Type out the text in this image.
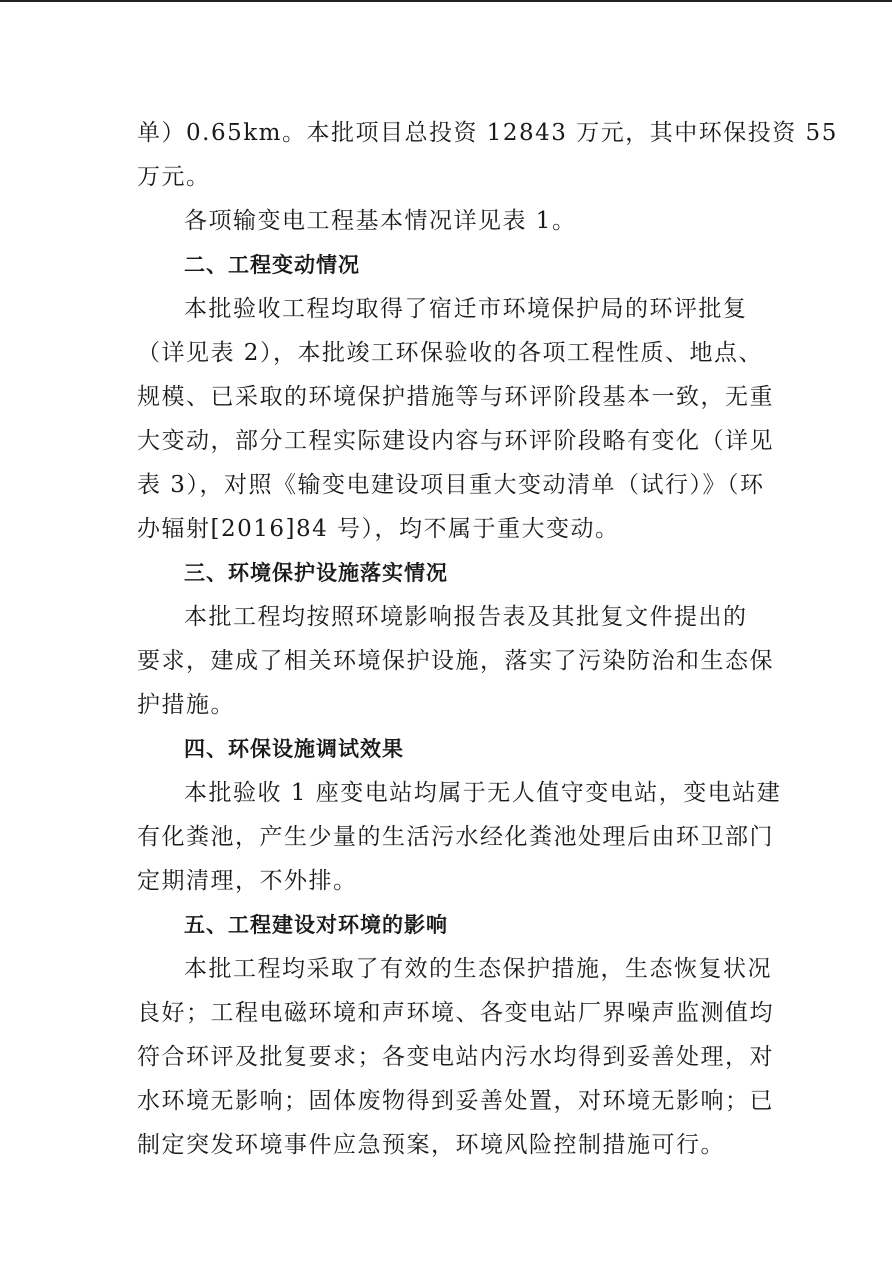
单）0.65km。本批项目总投资 12843 万元，其中环保投资 55
万元。
各项输变电工程基本情况详见表 1。
二、工程变动情况
本批验收工程均取得了宿迁市环境保护局的环评批复
（详见表 2），本批竣工环保验收的各项工程性质、地点、
规模、已采取的环境保护措施等与环评阶段基本一致，无重
大变动，部分工程实际建设内容与环评阶段略有变化（详见
表 3），对照《输变电建设项目重大变动清单（试行）》（环
办辐射[2016]84 号），均不属于重大变动。
三、环境保护设施落实情况
本批工程均按照环境影响报告表及其批复文件提出的
要求，建成了相关环境保护设施，落实了污染防治和生态保
护措施。
四、环保设施调试效果
本批验收 1 座变电站均属于无人值守变电站，变电站建
有化粪池，产生少量的生活污水经化粪池处理后由环卫部门
定期清理，不外排。
五、工程建设对环境的影响
本批工程均采取了有效的生态保护措施，生态恢复状况
良好；工程电磁环境和声环境、各变电站厂界噪声监测值均
符合环评及批复要求；各变电站内污水均得到妥善处理，对
水环境无影响；固体废物得到妥善处置，对环境无影响；已
制定突发环境事件应急预案，环境风险控制措施可行。
